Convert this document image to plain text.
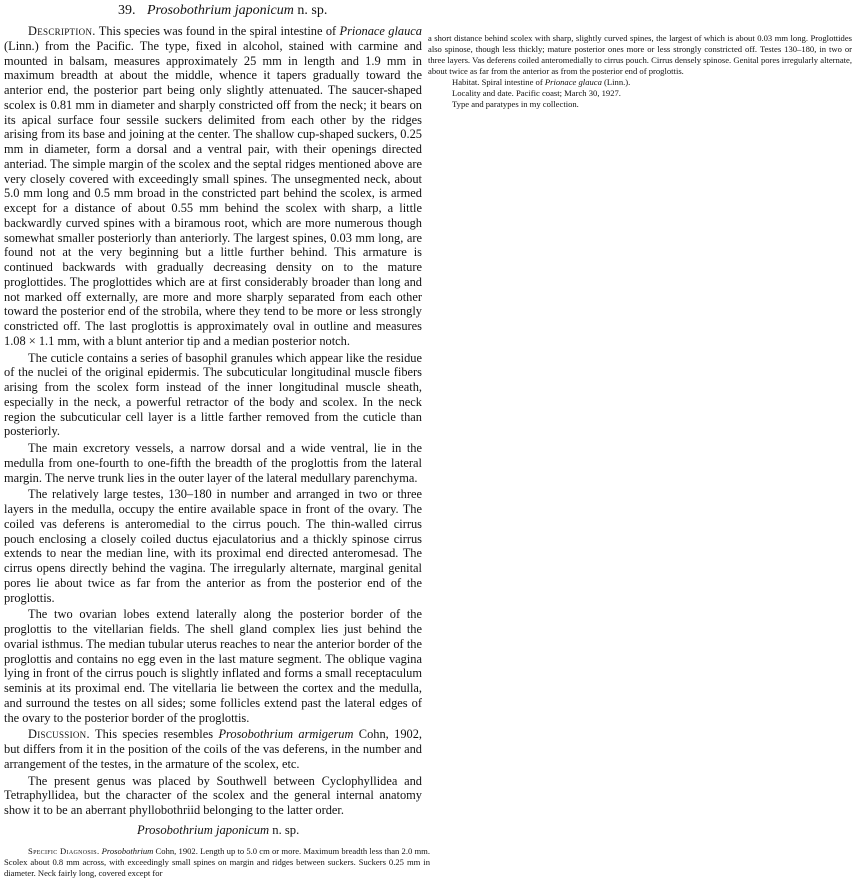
39. Prosobothrium japonicum n. sp.

Description. This species was found in the spiral intestine of Prionace glauca (Linn.) from the Pacific. The type, fixed in alcohol, stained with carmine and mounted in balsam, measures approximately 25 mm in length and 1.9 mm in maximum breadth at about the middle, whence it tapers gradually toward the anterior end, the posterior part being only slightly attenuated. The saucer-shaped scolex is 0.81 mm in diameter and sharply constricted off from the neck; it bears on its apical surface four sessile suckers delimited from each other by the ridges arising from its base and joining at the center. The shallow cup-shaped suckers, 0.25 mm in diameter, form a dorsal and a ventral pair, with their openings directed anteriad. The simple margin of the scolex and the septal ridges mentioned above are very closely covered with exceedingly small spines. The unsegmented neck, about 5.0 mm long and 0.5 mm broad in the constricted part behind the scolex, is armed except for a distance of about 0.55 mm behind the scolex with sharp, a little backwardly curved spines with a biramous root, which are more numerous though somewhat smaller posteriorly than anteriorly. The largest spines, 0.03 mm long, are found not at the very beginning but a little further behind. This armature is continued backwards with gradually decreasing density on to the mature proglottides. The proglottides which are at first considerably broader than long and not marked off externally, are more and more sharply separated from each other toward the posterior end of the strobila, where they tend to be more or less strongly constricted off. The last proglottis is approximately oval in outline and measures 1.08 × 1.1 mm, with a blunt anterior tip and a median posterior notch.

The cuticle contains a series of basophil granules which appear like the residue of the nuclei of the original epidermis. The subcuticular longitudinal muscle fibers arising from the scolex form instead of the inner longitudinal muscle sheath, especially in the neck, a powerful retractor of the body and scolex. In the neck region the subcuticular cell layer is a little farther removed from the cuticle than posteriorly.

The main excretory vessels, a narrow dorsal and a wide ventral, lie in the medulla from one-fourth to one-fifth the breadth of the proglottis from the lateral margin. The nerve trunk lies in the outer layer of the lateral medullary parenchyma.

The relatively large testes, 130–180 in number and arranged in two or three layers in the medulla, occupy the entire available space in front of the ovary. The coiled vas deferens is anteromedial to the cirrus pouch. The thin-walled cirrus pouch enclosing a closely coiled ductus ejaculatorius and a thickly spinose cirrus extends to near the median line, with its proximal end directed anteromesad. The cirrus opens directly behind the vagina. The irregularly alternate, marginal genital pores lie about twice as far from the anterior as from the posterior end of the proglottis.

The two ovarian lobes extend laterally along the posterior border of the proglottis to the vitellarian fields. The shell gland complex lies just behind the ovarial isthmus. The median tubular uterus reaches to near the anterior border of the proglottis and contains no egg even in the last mature segment. The oblique vagina lying in front of the cirrus pouch is slightly inflated and forms a small receptaculum seminis at its proximal end. The vitellaria lie between the cortex and the medulla, and surround the testes on all sides; some follicles extend past the lateral edges of the ovary to the posterior border of the proglottis.

Discussion. This species resembles Prosobothrium armigerum Cohn, 1902, but differs from it in the position of the coils of the vas deferens, in the number and arrangement of the testes, in the armature of the scolex, etc.

The present genus was placed by Southwell between Cyclophyllidea and Tetraphyllidea, but the character of the scolex and the general internal anatomy show it to be an aberrant phyllobothriid belonging to the latter order.

a short distance behind scolex with sharp, slightly curved spines, the largest of which is about 0.03 mm long. Proglottides also spinose, though less thickly; mature posterior ones more or less strongly constricted off. Testes 130–180, in two or three layers. Vas deferens coiled anteromedially to cirrus pouch. Cirrus densely spinose. Genital pores irregularly alternate, about twice as far from the anterior as from the posterior end of proglottis.

Habitat. Spiral intestine of Prionace glauca (Linn.).

Locality and date. Pacific coast; March 30, 1927.

Type and paratypes in my collection.

Prosobothrium japonicum n. sp.

Specific Diagnosis. Prosobothrium Cohn, 1902. Length up to 5.0 cm or more. Maximum breadth less than 2.0 mm. Scolex about 0.8 mm across, with exceedingly small spines on margin and ridges between suckers. Suckers 0.25 mm in diameter. Neck fairly long, covered except for
